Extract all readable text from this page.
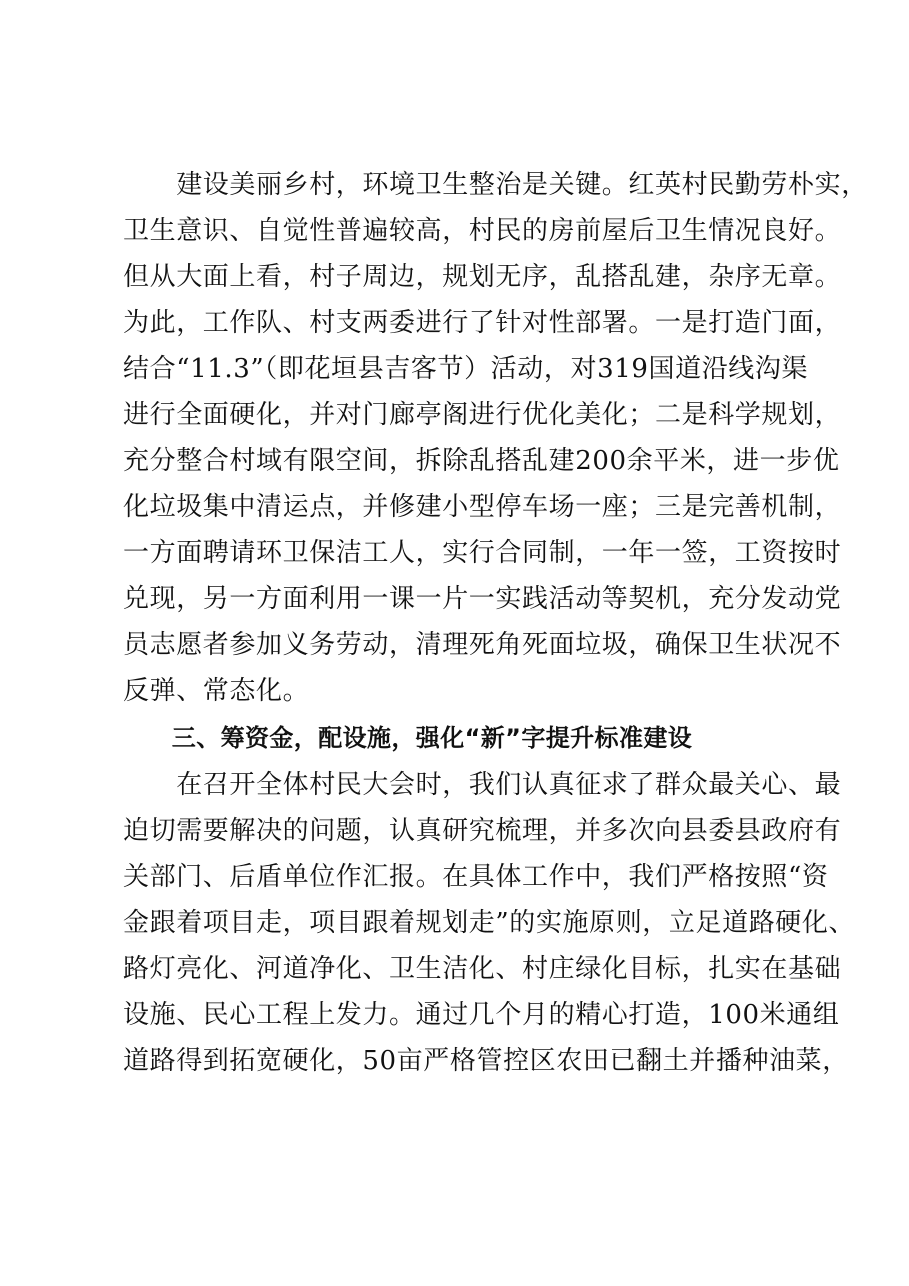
　　建设美丽乡村，环境卫生整治是关键。红英村民勤劳朴实，
卫生意识、自觉性普遍较高，村民的房前屋后卫生情况良好。
但从大面上看，村子周边，规划无序，乱搭乱建，杂序无章。
为此，工作队、村支两委进行了针对性部署。一是打造门面，
结合“11.3”（即花垣县吉客节）活动，对319国道沿线沟渠
进行全面硬化，并对门廊亭阁进行优化美化；二是科学规划，
充分整合村域有限空间，拆除乱搭乱建200余平米，进一步优
化垃圾集中清运点，并修建小型停车场一座；三是完善机制，
一方面聘请环卫保洁工人，实行合同制，一年一签，工资按时
兑现，另一方面利用一课一片一实践活动等契机，充分发动党
员志愿者参加义务劳动，清理死角死面垃圾，确保卫生状况不
反弹、常态化。
　　三、筹资金，配设施，强化“新”字提升标准建设
　　在召开全体村民大会时，我们认真征求了群众最关心、最
迫切需要解决的问题，认真研究梳理，并多次向县委县政府有
关部门、后盾单位作汇报。在具体工作中，我们严格按照“资
金跟着项目走，项目跟着规划走”的实施原则，立足道路硬化、
路灯亮化、河道净化、卫生洁化、村庄绿化目标，扎实在基础
设施、民心工程上发力。通过几个月的精心打造，100米通组
道路得到拓宽硬化，50亩严格管控区农田已翻土并播种油菜，
